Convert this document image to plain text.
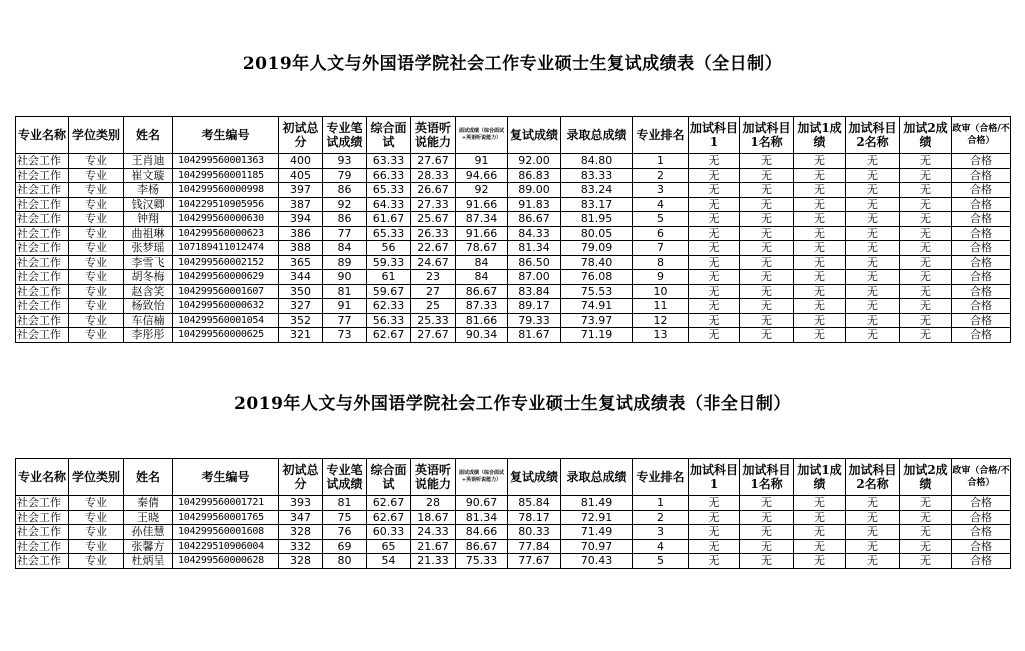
2019年人文与外国语学院社会工作专业硕士生复试成绩表（全日制）
专业名称	学位类别	姓名	考生编号	初试总分	专业笔试成绩	综合面试	英语听说能力	面试成绩（综合面试+英语听说能力）	复试成绩	录取总成绩	专业排名	加试科目1	加试科目1名称	加试1成绩	加试科目2名称	加试2成绩	政审（合格/不合格）
社会工作	专业	王肖迪	104299560001363	400	93	63.33	27.67	91	92.00	84.80	1	无	无	无	无	无	合格
社会工作	专业	崔文璇	104299560001185	405	79	66.33	28.33	94.66	86.83	83.33	2	无	无	无	无	无	合格
社会工作	专业	李杨	104299560000998	397	86	65.33	26.67	92	89.00	83.24	3	无	无	无	无	无	合格
社会工作	专业	钱汉卿	104229510905956	387	92	64.33	27.33	91.66	91.83	83.17	4	无	无	无	无	无	合格
社会工作	专业	钟翔	104299560000630	394	86	61.67	25.67	87.34	86.67	81.95	5	无	无	无	无	无	合格
社会工作	专业	曲祖琳	104299560000623	386	77	65.33	26.33	91.66	84.33	80.05	6	无	无	无	无	无	合格
社会工作	专业	张梦瑶	107189411012474	388	84	56	22.67	78.67	81.34	79.09	7	无	无	无	无	无	合格
社会工作	专业	李雪飞	104299560002152	365	89	59.33	24.67	84	86.50	78.40	8	无	无	无	无	无	合格
社会工作	专业	胡冬梅	104299560000629	344	90	61	23	84	87.00	76.08	9	无	无	无	无	无	合格
社会工作	专业	赵含笑	104299560001607	350	81	59.67	27	86.67	83.84	75.53	10	无	无	无	无	无	合格
社会工作	专业	杨致怡	104299560000632	327	91	62.33	25	87.33	89.17	74.91	11	无	无	无	无	无	合格
社会工作	专业	车信楠	104299560001054	352	77	56.33	25.33	81.66	79.33	73.97	12	无	无	无	无	无	合格
社会工作	专业	李彤彤	104299560000625	321	73	62.67	27.67	90.34	81.67	71.19	13	无	无	无	无	无	合格
2019年人文与外国语学院社会工作专业硕士生复试成绩表（非全日制）
专业名称	学位类别	姓名	考生编号	初试总分	专业笔试成绩	综合面试	英语听说能力	面试成绩（综合面试+英语听说能力）	复试成绩	录取总成绩	专业排名	加试科目1	加试科目1名称	加试1成绩	加试科目2名称	加试2成绩	政审（合格/不合格）
社会工作	专业	秦倩	104299560001721	393	81	62.67	28	90.67	85.84	81.49	1	无	无	无	无	无	合格
社会工作	专业	王晓	104299560001765	347	75	62.67	18.67	81.34	78.17	72.91	2	无	无	无	无	无	合格
社会工作	专业	孙佳慧	104299560001608	328	76	60.33	24.33	84.66	80.33	71.49	3	无	无	无	无	无	合格
社会工作	专业	张馨方	104229510906004	332	69	65	21.67	86.67	77.84	70.97	4	无	无	无	无	无	合格
社会工作	专业	杜炳呈	104299560000628	328	80	54	21.33	75.33	77.67	70.43	5	无	无	无	无	无	合格
